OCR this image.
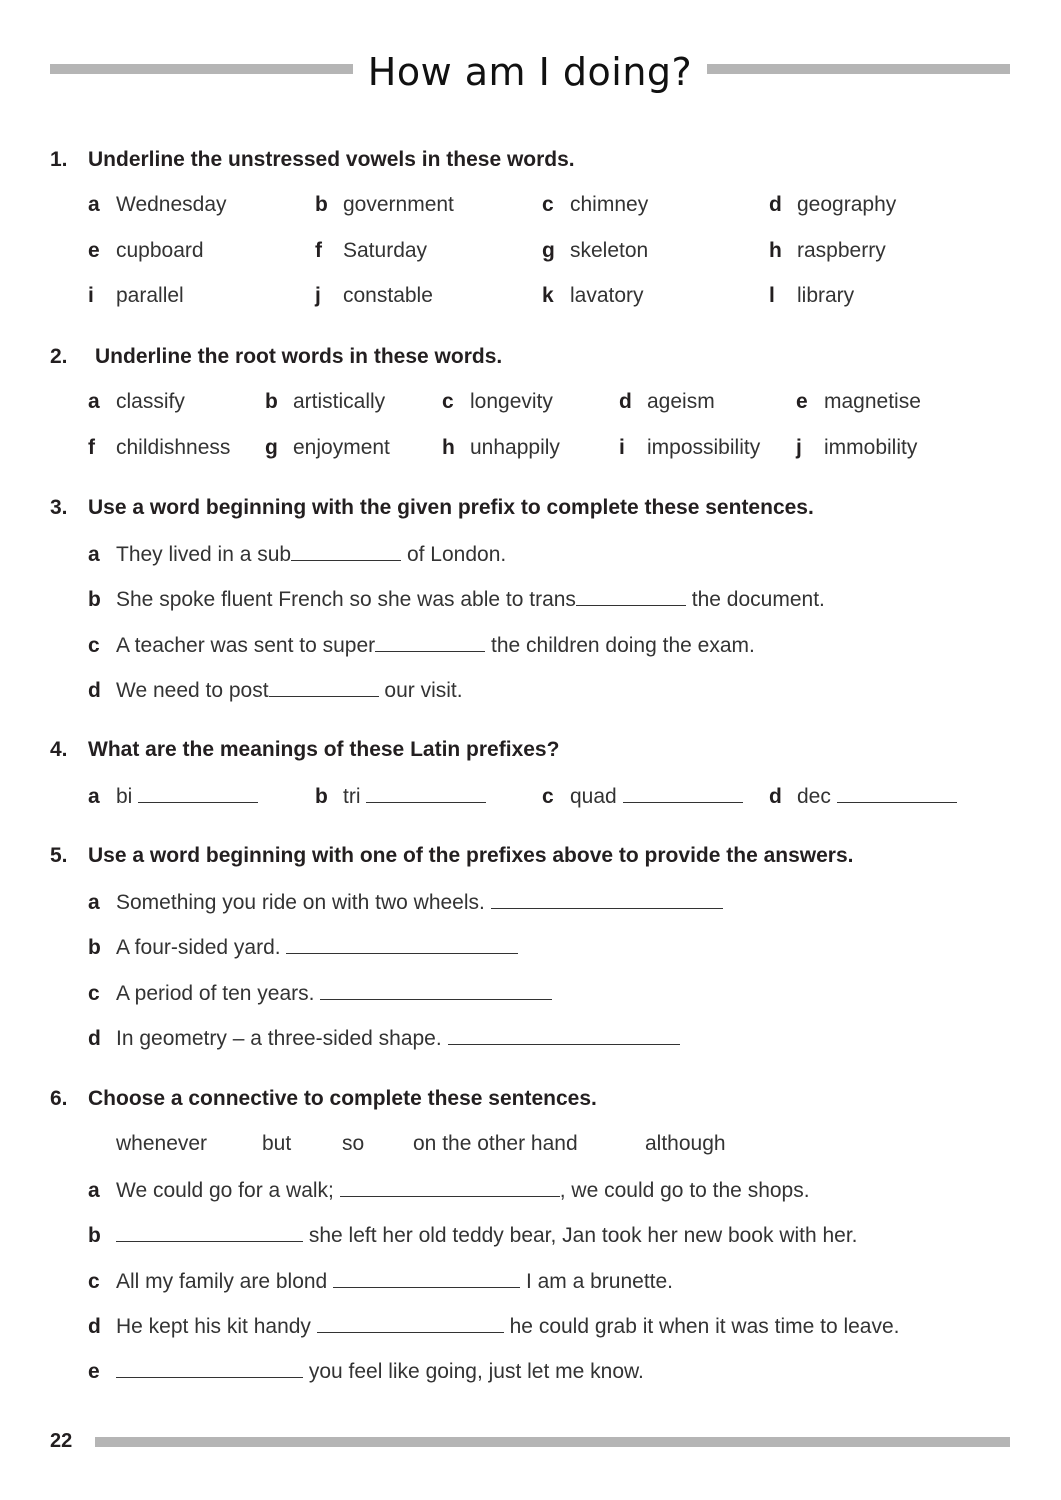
How am I doing?
1. Underline the unstressed vowels in these words.
a Wednesday	b government	c chimney	d geography
e cupboard	f Saturday	g skeleton	h raspberry
i parallel	j constable	k lavatory	l library
2. Underline the root words in these words.
a classify	b artistically	c longevity	d ageism	e magnetise
f childishness g enjoyment h unhappily	i impossibility j immobility
3. Use a word beginning with the given prefix to complete these sentences.
a They lived in a sub	of London.
b She spoke fluent French so she was able to trans	the document.
c A teacher was sent to super	the children doing the exam.
d We need to post	our visit.
4. What are the meanings of these Latin prefixes?
a bi	b tri	c quad	d dec
5. Use a word beginning with one of the prefixes above to provide the answers.
a Something you ride on with two wheels.
b A four-sided yard.
c A period of ten years.
d In geometry – a three-sided shape.
6. Choose a connective to complete these sentences.
whenever	but so on the other hand	although
a We could go for a walk;	, we could go to the shops.
b	she left her old teddy bear, Jan took her new book with her.
c All my family are blond	I am a brunette.
d He kept his kit handy	he could grab it when it was time to leave.
e	you feel like going, just let me know.
22
